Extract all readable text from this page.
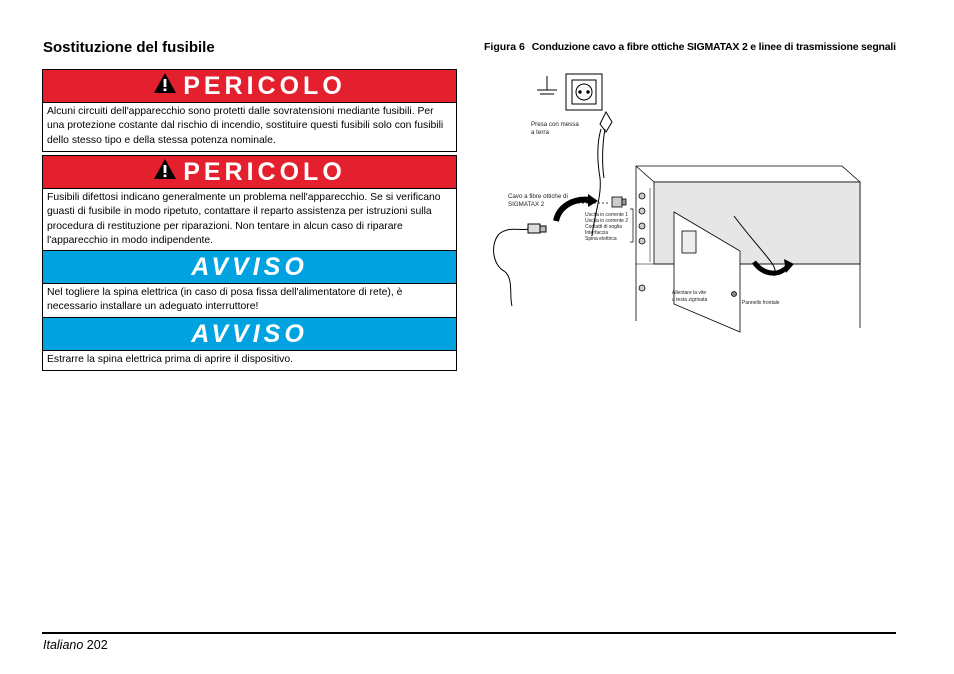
Sostituzione del fusibile
PERICOLO
Alcuni circuiti dell'apparecchio sono protetti dalle sovratensioni mediante fusibili. Per una protezione costante dal rischio di incendio, sostituire questi fusibili solo con fusibili dello stesso tipo e della stessa potenza nominale.
PERICOLO
Fusibili difettosi indicano generalmente un problema nell'apparecchio. Se si verificano guasti di fusibile in modo ripetuto, contattare il reparto assistenza per istruzioni sulla procedura di restituzione per riparazioni. Non tentare in alcun caso di riparare l'apparecchio in modo indipendente.
AVVISO
Nel togliere la spina elettrica (in caso di posa fissa dell'alimentatore di rete), è necessario installare un adeguato interruttore!
AVVISO
Estrarre la spina elettrica prima di aprire il dispositivo.
Figura 6 Conduzione cavo a fibre ottiche SIGMATAX 2 e linee di trasmissione segnali
Presa con messa
a terra
Cavo a fibre ottiche di
SIGMATAX 2
Uscita in corrente 1
Uscita in corrente 2
Contatti di soglia
Interfaccia
Spina elettrica
Allentare la vite
a testa zigrinata	Pannello frontale
Italiano 202
